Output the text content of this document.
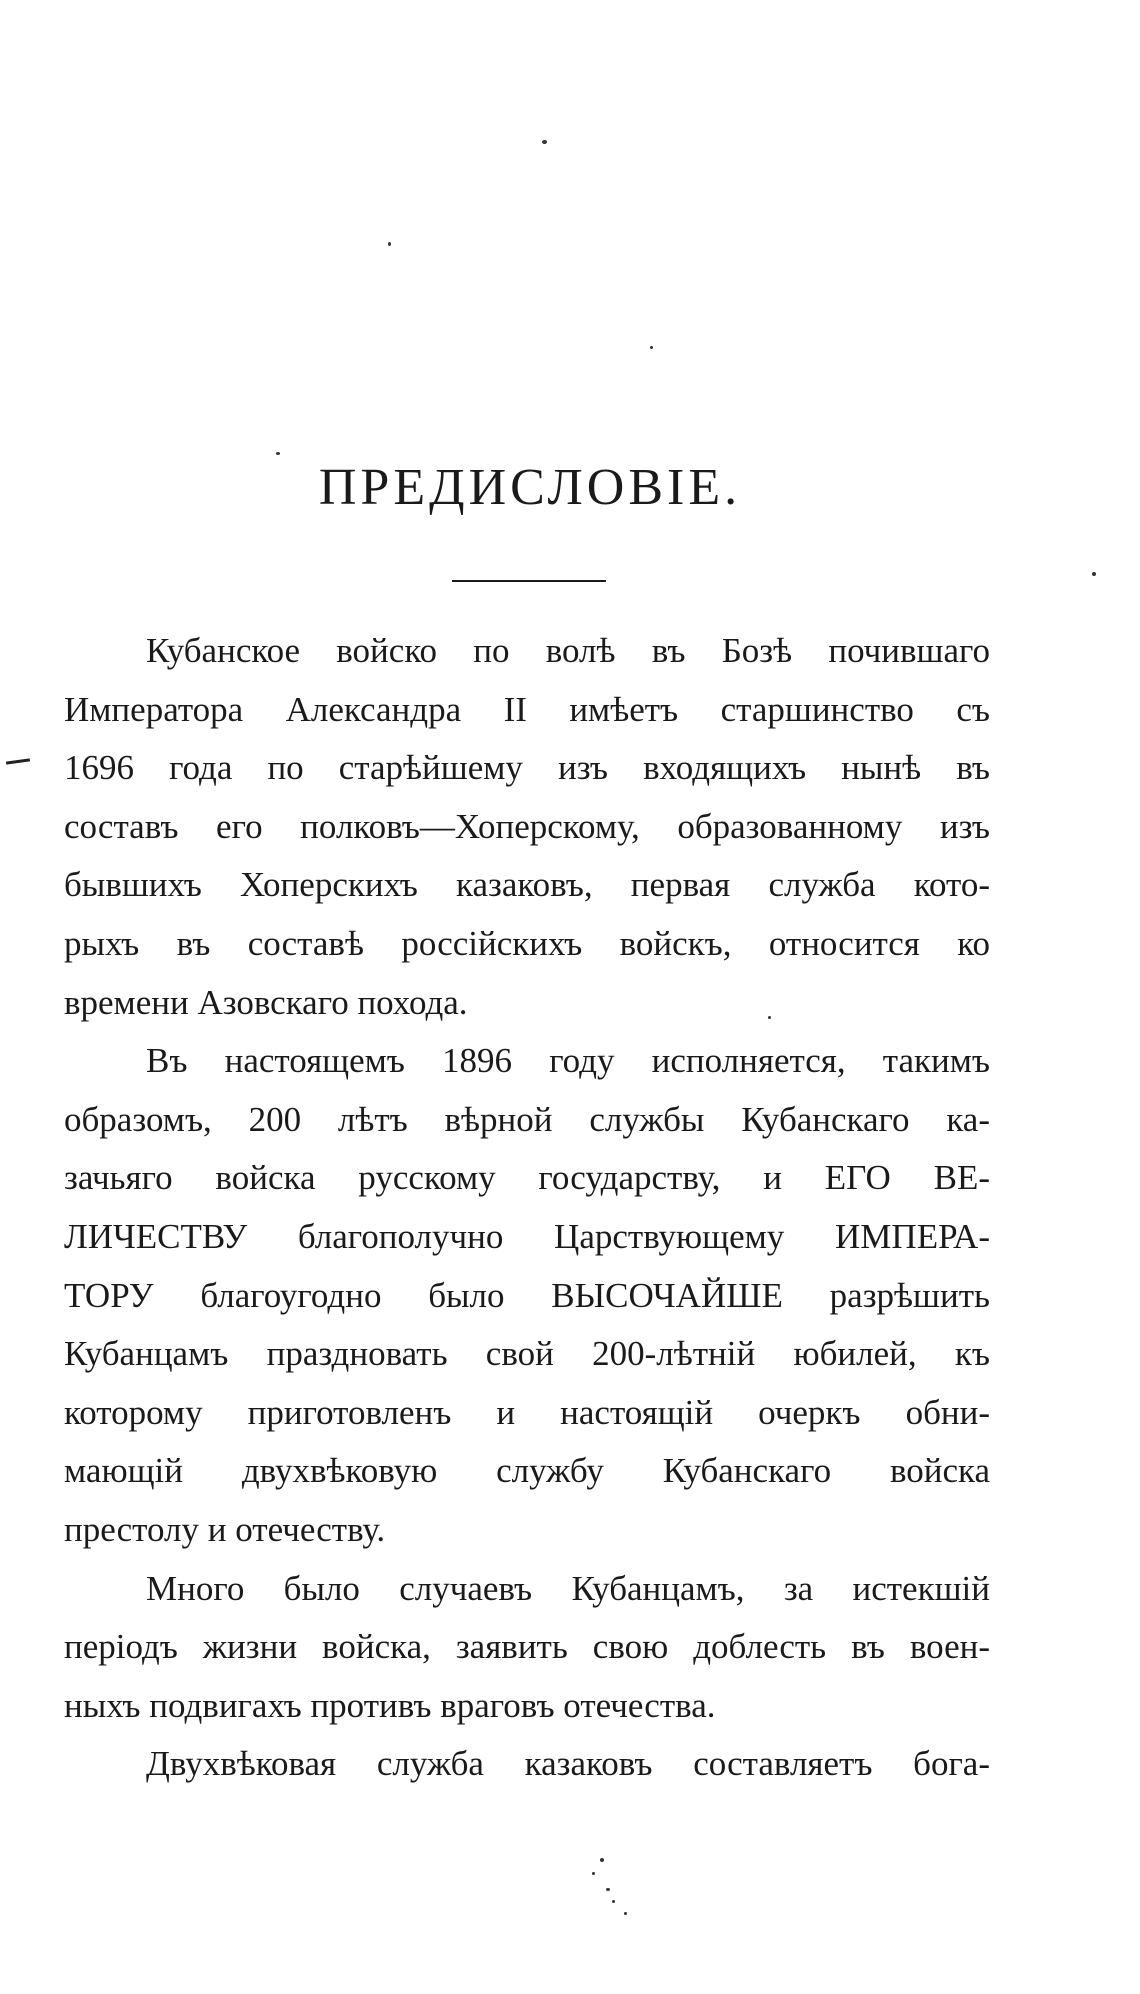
ПРЕДИСЛОВІЕ.
Кубанское войско по волѣ въ Бозѣ почившаго
Императора Александра II имѣетъ старшинство съ
1696 года по старѣйшему изъ входящихъ нынѣ въ
составъ его полковъ—Хоперскому, образованному изъ
бывшихъ Хоперскихъ казаковъ, первая служба кото-
рыхъ въ составѣ россійскихъ войскъ, относится ко
времени Азовскаго похода.
Въ настоящемъ 1896 году исполняется, такимъ
образомъ, 200 лѣтъ вѣрной службы Кубанскаго ка-
зачьяго войска русскому государству, и ЕГО ВЕ-
ЛИЧЕСТВУ благополучно Царствующему ИМПЕРА-
ТОРУ благоугодно было ВЫСОЧАЙШЕ разрѣшить
Кубанцамъ праздновать свой 200-лѣтній юбилей, къ
которому приготовленъ и настоящій очеркъ обни-
мающій двухвѣковую службу Кубанскаго войска
престолу и отечеству.
Много было случаевъ Кубанцамъ, за истекшій
періодъ жизни войска, заявить свою доблесть въ воен-
ныхъ подвигахъ противъ враговъ отечества.
Двухвѣковая служба казаковъ составляетъ бога-
